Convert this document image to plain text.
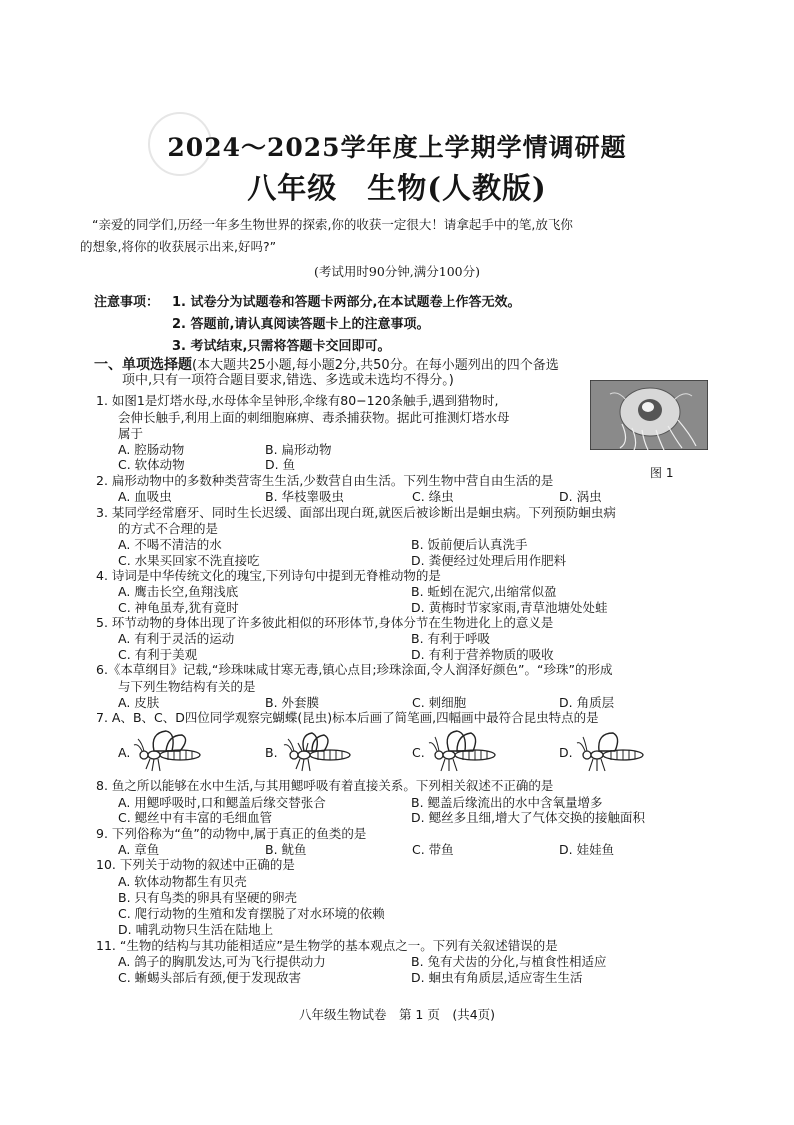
2024～2025学年度上学期学情调研题
八年级　生物(人教版)

“亲爱的同学们,历经一年多生物世界的探索,你的收获一定很大！请拿起手中的笔,放飞你

的想象,将你的收获展示出来,好吗?”

(考试用时90分钟,满分100分)
注意事项： 1. 试卷分为试题卷和答题卡两部分,在本试题卷上作答无效。
2. 答题前,请认真阅读答题卡上的注意事项。
3. 考试结束,只需将答题卡交回即可。
图 1
一、单项选择题(本大题共25小题,每小题2分,共50分。在每小题列出的四个备选
项中,只有一项符合题目要求,错选、多选或未选均不得分。)
1. 如图1是灯塔水母,水母体伞呈钟形,伞缘有80−120条触手,遇到猎物时,
会伸长触手,利用上面的刺细胞麻痹、毒杀捕获物。据此可推测灯塔水母
属于
A. 腔肠动物	B. 扁形动物
C. 软体动物	D. 鱼
2. 扁形动物中的多数种类营寄生生活,少数营自由生活。下列生物中营自由生活的是
A. 血吸虫	B. 华枝睾吸虫	C. 绦虫	D. 涡虫
3. 某同学经常磨牙、同时生长迟缓、面部出现白斑,就医后被诊断出是蛔虫病。下列预防蛔虫病
的方式不合理的是
A. 不喝不清洁的水	B. 饭前便后认真洗手
C. 水果买回家不洗直接吃	D. 粪便经过处理后用作肥料
4. 诗词是中华传统文化的瑰宝,下列诗句中提到无脊椎动物的是
A. 鹰击长空,鱼翔浅底	B. 蚯蚓在泥穴,出缩常似盈
C. 神龟虽寿,犹有竟时	D. 黄梅时节家家雨,青草池塘处处蛙
5. 环节动物的身体出现了许多彼此相似的环形体节,身体分节在生物进化上的意义是
A. 有利于灵活的运动	B. 有利于呼吸
C. 有利于美观	D. 有利于营养物质的吸收
6.《本草纲目》记载,“珍珠味咸甘寒无毒,镇心点目;珍珠涂面,令人润泽好颜色”。“珍珠”的形成
与下列生物结构有关的是
A. 皮肤	B. 外套膜	C. 刺细胞	D. 角质层
7. A、B、C、D四位同学观察完蝴蝶(昆虫)标本后画了简笔画,四幅画中最符合昆虫特点的是
A.	B.	C.	D.
8. 鱼之所以能够在水中生活,与其用鳃呼吸有着直接关系。下列相关叙述不正确的是
A. 用鳃呼吸时,口和鳃盖后缘交替张合	B. 鳃盖后缘流出的水中含氧量增多
C. 鳃丝中有丰富的毛细血管	D. 鳃丝多且细,增大了气体交换的接触面积
9. 下列俗称为“鱼”的动物中,属于真正的鱼类的是
A. 章鱼	B. 鱿鱼	C. 带鱼	D. 娃娃鱼
10. 下列关于动物的叙述中正确的是
A. 软体动物都生有贝壳
B. 只有鸟类的卵具有坚硬的卵壳
C. 爬行动物的生殖和发育摆脱了对水环境的依赖
D. 哺乳动物只生活在陆地上
11. “生物的结构与其功能相适应”是生物学的基本观点之一。下列有关叙述错误的是
A. 鸽子的胸肌发达,可为飞行提供动力	B. 兔有犬齿的分化,与植食性相适应
C. 蜥蜴头部后有颈,便于发现敌害	D. 蛔虫有角质层,适应寄生生活
八年级生物试卷　第 1 页　(共4页)
